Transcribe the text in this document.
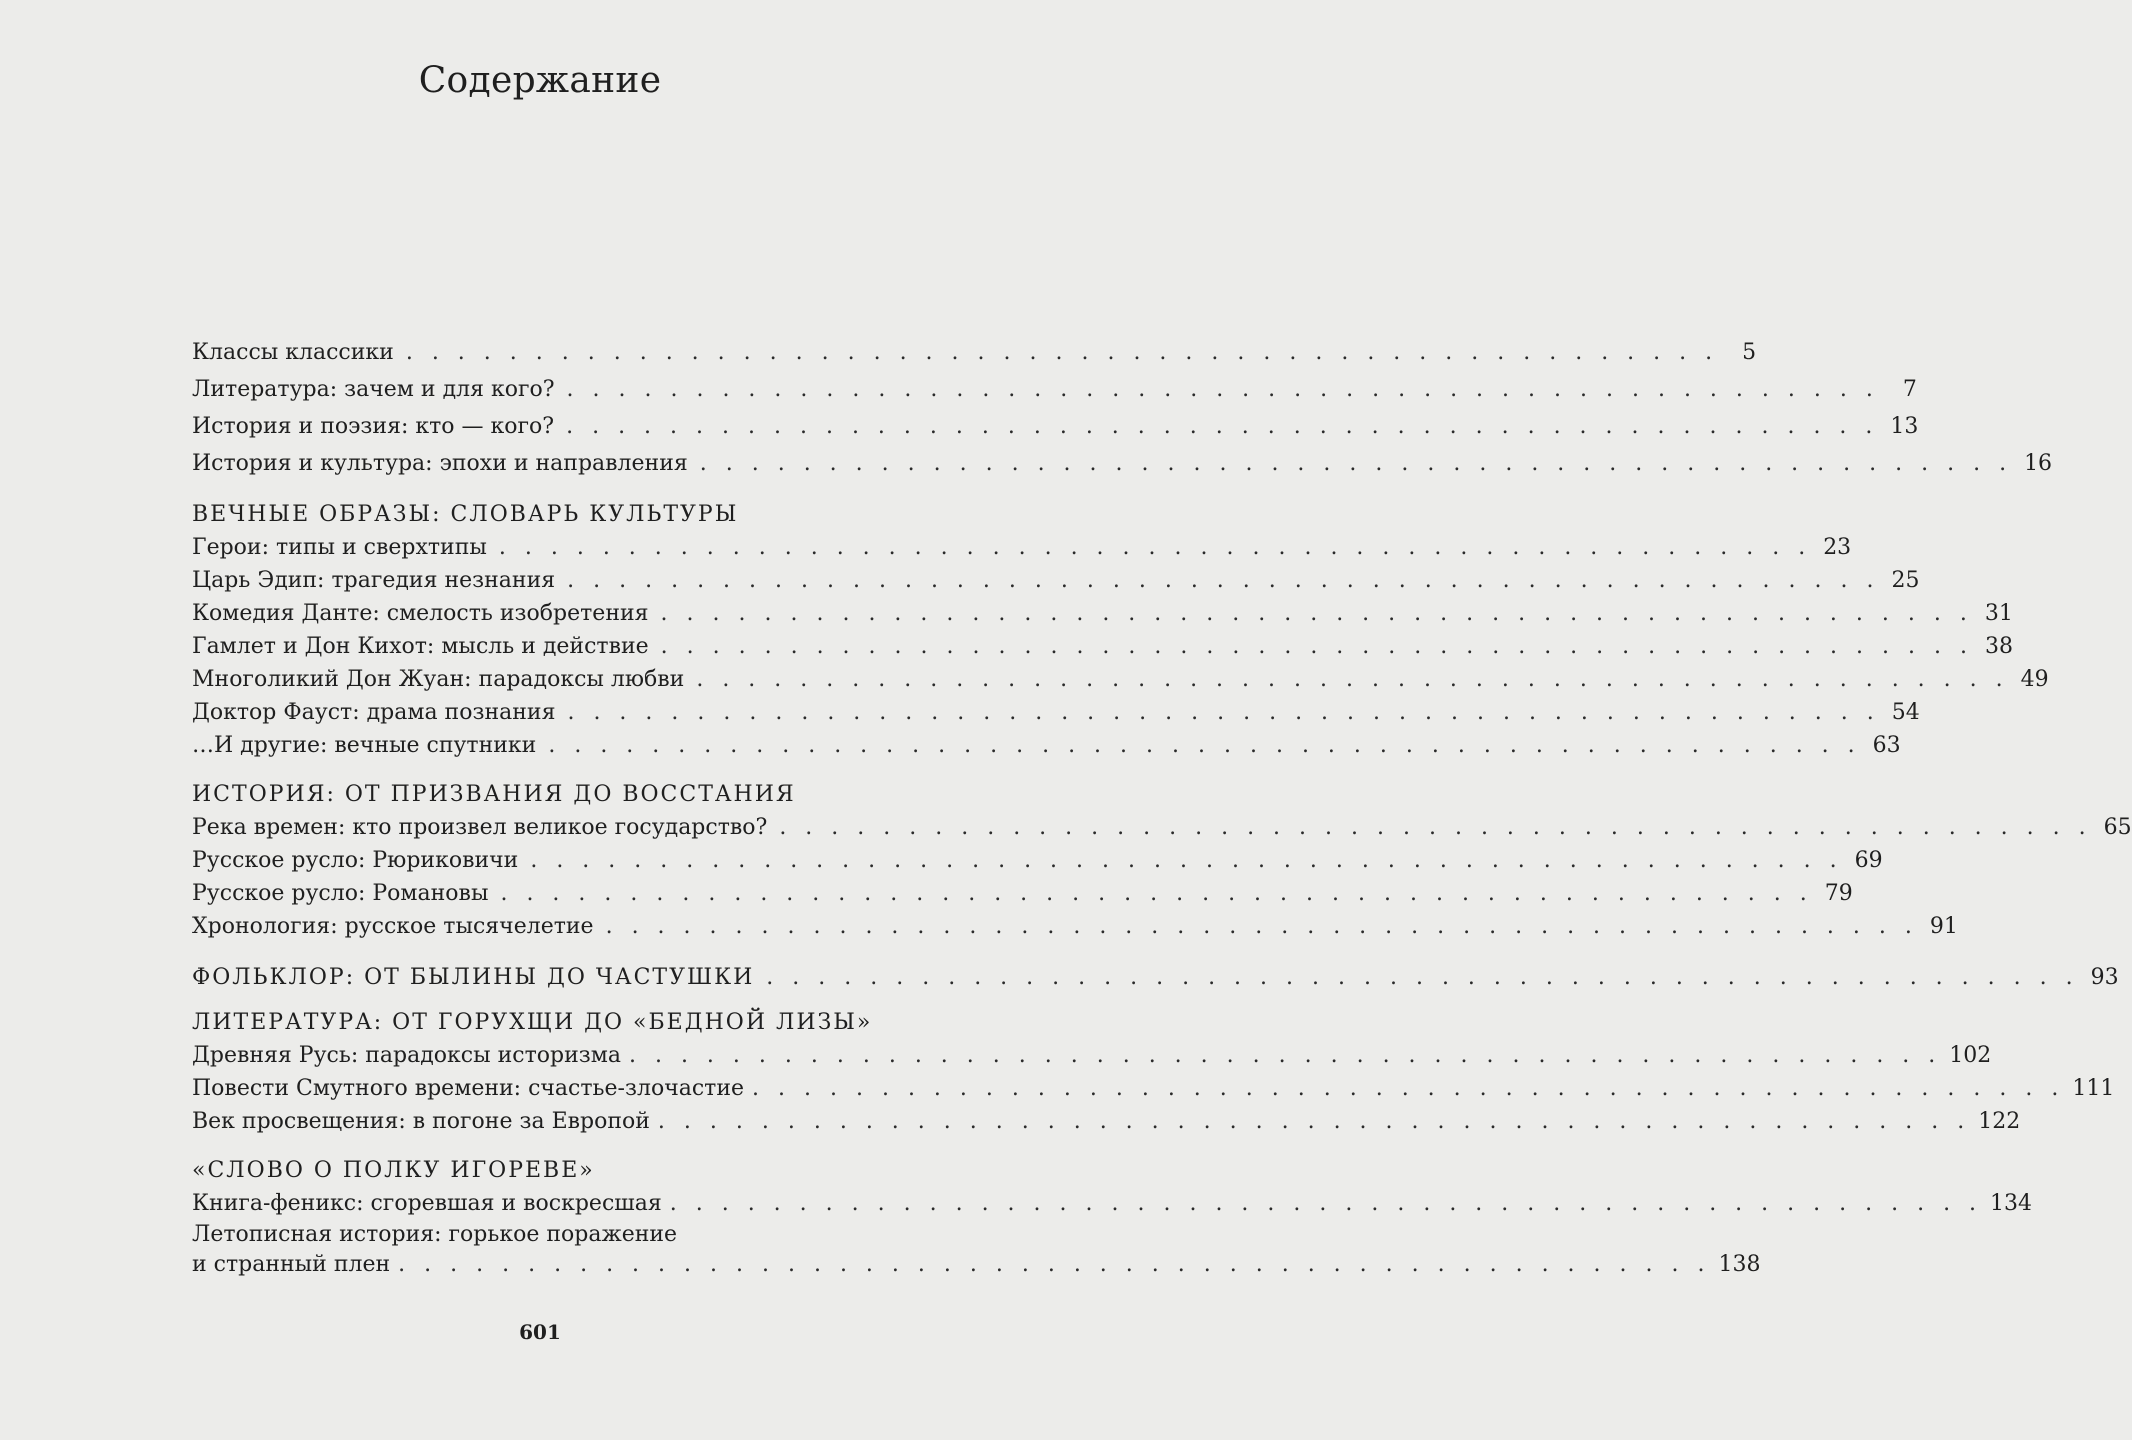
Содержание
Классы классики . . . . . . . . . . . . . . . . . . . . . . . . . . . . . . . . . . . . . . . . . . . . . . . . . . .	5
Литература: зачем и для кого? . . . . . . . . . . . . . . . . . . . . . . . . . . . . . . . . . . . . . . . . . . . . . . . . . . .	7
История и поэзия: кто — кого? . . . . . . . . . . . . . . . . . . . . . . . . . . . . . . . . . . . . . . . . . . . . . . . . . . . 13
История и культура: эпохи и направления . . . . . . . . . . . . . . . . . . . . . . . . . . . . . . . . . . . . . . . . . . . . . . . . . . . 16
ВЕЧНЫЕ ОБРАЗЫ: СЛОВАРЬ КУЛЬТУРЫ
Герои: типы и сверхтипы . . . . . . . . . . . . . . . . . . . . . . . . . . . . . . . . . . . . . . . . . . . . . . . . . . . 23
Царь Эдип: трагедия незнания . . . . . . . . . . . . . . . . . . . . . . . . . . . . . . . . . . . . . . . . . . . . . . . . . . . 25
Комедия Данте: смелость изобретения . . . . . . . . . . . . . . . . . . . . . . . . . . . . . . . . . . . . . . . . . . . . . . . . . . . 31
Гамлет и Дон Кихот: мысль и действие . . . . . . . . . . . . . . . . . . . . . . . . . . . . . . . . . . . . . . . . . . . . . . . . . . . 38
Многоликий Дон Жуан: парадоксы любви . . . . . . . . . . . . . . . . . . . . . . . . . . . . . . . . . . . . . . . . . . . . . . . . . . . 49
Доктор Фауст: драма познания . . . . . . . . . . . . . . . . . . . . . . . . . . . . . . . . . . . . . . . . . . . . . . . . . . . 54
…И другие: вечные спутники . . . . . . . . . . . . . . . . . . . . . . . . . . . . . . . . . . . . . . . . . . . . . . . . . . . 63
ИСТОРИЯ: ОТ ПРИЗВАНИЯ ДО ВОССТАНИЯ
Река времен: кто произвел великое государство? . . . . . . . . . . . . . . . . . . . . . . . . . . . . . . . . . . . . . . . . . . . . . . . . . . . 65
Русское русло: Рюриковичи . . . . . . . . . . . . . . . . . . . . . . . . . . . . . . . . . . . . . . . . . . . . . . . . . . . 69
Русское русло: Романовы . . . . . . . . . . . . . . . . . . . . . . . . . . . . . . . . . . . . . . . . . . . . . . . . . . . 79
Хронология: русское тысячелетие . . . . . . . . . . . . . . . . . . . . . . . . . . . . . . . . . . . . . . . . . . . . . . . . . . . 91
ФОЛЬКЛОР: ОТ БЫЛИНЫ ДО ЧАСТУШКИ . . . . . . . . . . . . . . . . . . . . . . . . . . . . . . . . . . . . . . . . . . . . . . . . . . . 93
ЛИТЕРАТУРА: ОТ ГОРУХЩИ ДО «БЕДНОЙ ЛИЗЫ»
Древняя Русь: парадоксы историзма . . . . . . . . . . . . . . . . . . . . . . . . . . . . . . . . . . . . . . . . . . . . . . . . . . . 102
Повести Смутного времени: счастье-злочастие . . . . . . . . . . . . . . . . . . . . . . . . . . . . . . . . . . . . . . . . . . . . . . . . . . . 111
Век просвещения: в погоне за Европой . . . . . . . . . . . . . . . . . . . . . . . . . . . . . . . . . . . . . . . . . . . . . . . . . . . 122
«СЛОВО О ПОЛКУ ИГОРЕВЕ»
Книга-феникс: сгоревшая и воскресшая . . . . . . . . . . . . . . . . . . . . . . . . . . . . . . . . . . . . . . . . . . . . . . . . . . . 134
Летописная история: горькое поражение
и странный плен . . . . . . . . . . . . . . . . . . . . . . . . . . . . . . . . . . . . . . . . . . . . . . . . . . . 138
601
